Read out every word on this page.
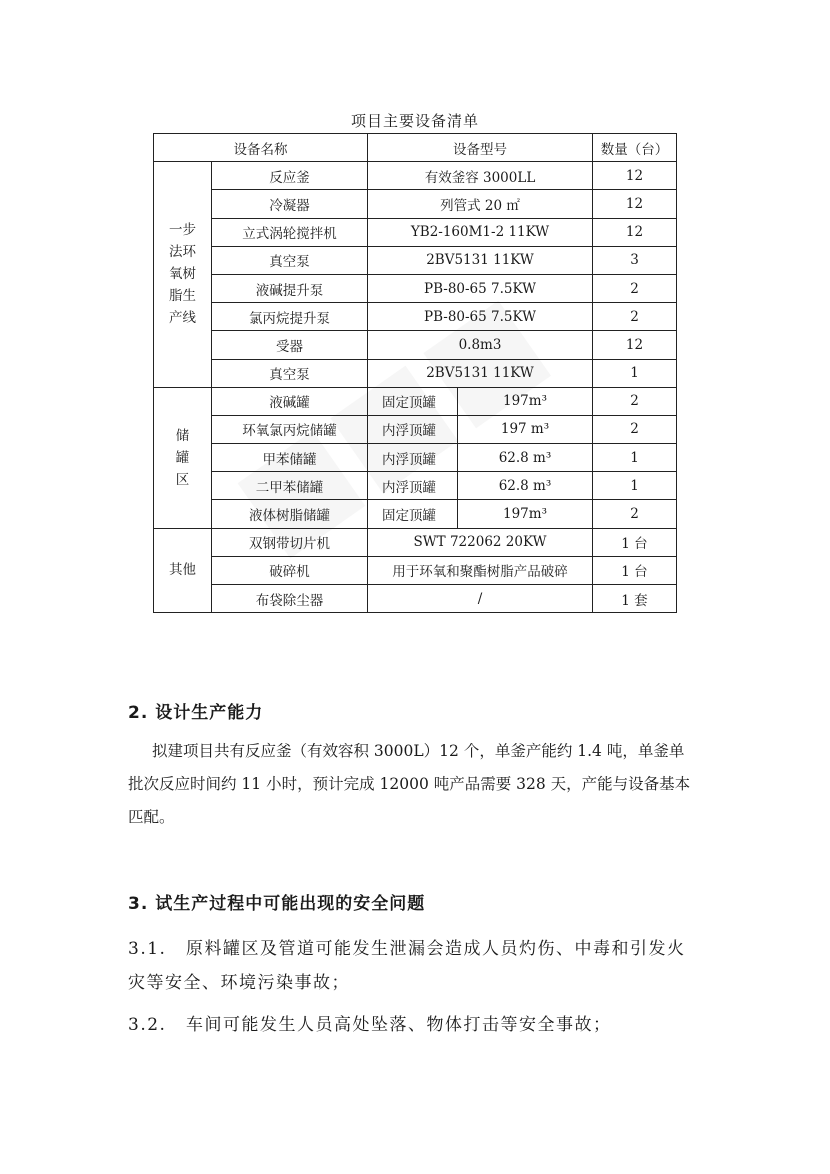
项目主要设备清单
设备名称		设备型号		数量（台）

一步
法环
氧树
脂生
产线	反应釜	有效釜容 3000LL		12
	冷凝器	列管式 20 ㎡		12
	立式涡轮搅拌机	YB2-160M1-2 11KW		12
	真空泵	2BV5131 11KW		3
	液碱提升泵	PB-80-65 7.5KW		2
	氯丙烷提升泵	PB-80-65 7.5KW		2
	受器	0.8m3		12
	真空泵	2BV5131 11KW		1

储
罐
区	液碱罐	固定顶罐	197m³	2
	环氧氯丙烷储罐	内浮顶罐	197 m³	2
	甲苯储罐	内浮顶罐	62.8 m³	1
	二甲苯储罐	内浮顶罐	62.8 m³	1
	液体树脂储罐	固定顶罐	197m³	2

其他	双钢带切片机	SWT 722062 20KW		1 台
	破碎机	用于环氧和聚酯树脂产品破碎		1 台
	布袋除尘器	/		1 套
2. 设计生产能力

拟建项目共有反应釜（有效容积 3000L）12 个，单釜产能约 1.4 吨，单釜单

批次反应时间约 11 小时，预计完成 12000 吨产品需要 328 天，产能与设备基本

匹配。

3. 试生产过程中可能出现的安全问题
3.1. 原料罐区及管道可能发生泄漏会造成人员灼伤、中毒和引发火
灾等安全、环境污染事故；
3.2. 车间可能发生人员高处坠落、物体打击等安全事故；
